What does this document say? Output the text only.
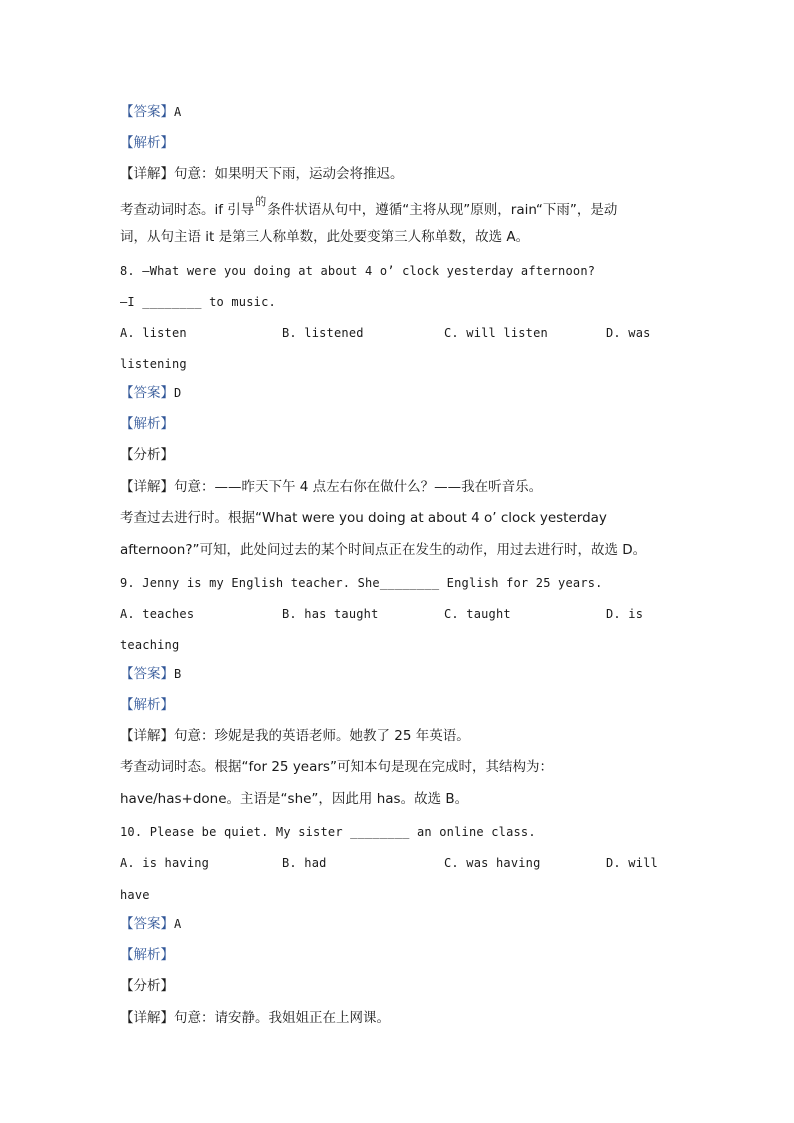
【答案】A
【解析】
【详解】句意：如果明天下雨，运动会将推迟。
考查动词时态。if 引导$^的$条件状语从句中，遵循“主将从现”原则，rain“下雨”，是动
词，从句主语 it 是第三人称单数，此处要变第三人称单数，故选 A。
8. —What were you doing at about 4 o’ clock yesterday afternoon?
—I ________ to music.
A. listen	B. listened	C. will listen	D. was
listening
【答案】D
【解析】
【分析】
【详解】句意：——昨天下午 4 点左右你在做什么？——我在听音乐。
考查过去进行时。根据“What were you doing at about 4 o’ clock yesterday
afternoon?”可知，此处问过去的某个时间点正在发生的动作，用过去进行时，故选 D。
9. Jenny is my English teacher. She________ English for 25 years.
A. teaches	B. has taught	C. taught	D. is
teaching
【答案】B
【解析】
【详解】句意：珍妮是我的英语老师。她教了 25 年英语。
考查动词时态。根据“for 25 years”可知本句是现在完成时，其结构为：
have/has+done。主语是“she”，因此用 has。故选 B。
10. Please be quiet. My sister ________ an online class.
A. is having	B. had	C. was having	D. will
have
【答案】A
【解析】
【分析】
【详解】句意：请安静。我姐姐正在上网课。
